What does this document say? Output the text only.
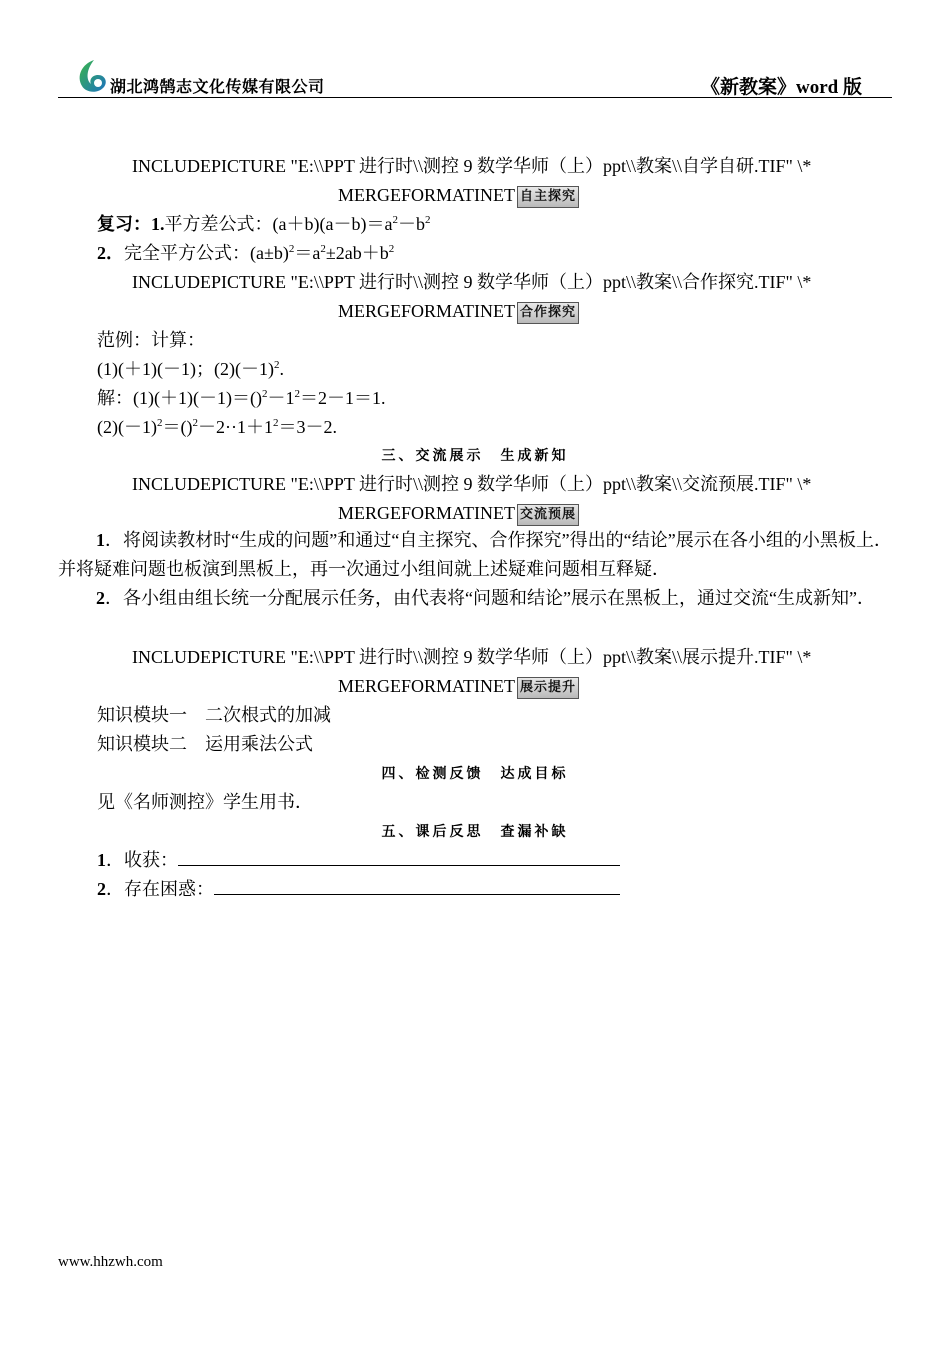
湖北鸿鹄志文化传媒有限公司	《新教案》word 版
INCLUDEPICTURE "E:\\PPT 进行时\\测控 9 数学华师（上）ppt\\教案\\自学自研.TIF" \*
MERGEFORMATINET 自主探究
复习：1.平方差公式：$(a+b)(a-b)=a^2-b^2$
2．完全平方公式：$(a\pm b)^2=a^2\pm 2ab+b^2$
INCLUDEPICTURE "E:\\PPT 进行时\\测控 9 数学华师（上）ppt\\教案\\合作探究.TIF" \*
MERGEFORMATINET 合作探究
范例：计算：
(1)(＋1)(－1)；$(2)(-1)^2$.
解：$(1)(+1)(-1)=()^2-1^2=2-1=1$.
$(2)(-1)^2=()^2-2\cdot\cdot 1+1^2=3-2$.
三、交流展示　生成新知
INCLUDEPICTURE "E:\\PPT 进行时\\测控 9 数学华师（上）ppt\\教案\\交流预展.TIF" \*
MERGEFORMATINET 交流预展
1．将阅读教材时“生成的问题”和通过“自主探究、合作探究”得出的“结论”展示在各小组的小黑板上．并将疑难问题也板演到黑板上，再一次通过小组间就上述疑难问题相互释疑．
2．各小组由组长统一分配展示任务，由代表将“问题和结论”展示在黑板上，通过交流“生成新知”．
INCLUDEPICTURE "E:\\PPT 进行时\\测控 9 数学华师（上）ppt\\教案\\展示提升.TIF" \*
MERGEFORMATINET 展示提升
知识模块一　二次根式的加减
知识模块二　运用乘法公式
四、检测反馈　达成目标
见《名师测控》学生用书．
五、课后反思　查漏补缺
1．收获：
2．存在困惑：
www.hhzwh.com
